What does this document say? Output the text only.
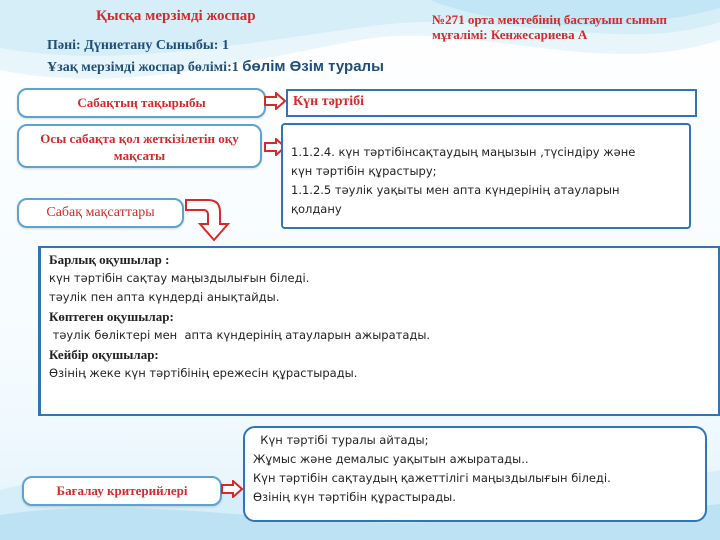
Қысқа мерзімді жоспар	№271 орта мектебінің бастауыш сынып мұғалімі: Кенжесариева А
Пәні: Дүниетану Сыныбы: 1
Ұзақ мерзімді жоспар бөлімі:1 бөлім Өзім туралы
Сабақтың тақырыбы	Күн тәртібі
Осы сабақта қол жеткізілетін оқу мақсаты	1.1.2.4. күн тәртібінсақтаудың маңызын ,түсіндіру және
күн тәртібін құрастыру;
1.1.2.5 тәулік уақыты мен апта күндерінің атауларын
қолдану
Сабақ мақсаттары
Барлық оқушылар :
күн тәртібін сақтау маңыздылығын біледі.
тәулік пен апта күндерді анықтайды.
Көптеген оқушылар:
тәулік бөліктері мен  апта күндерінің атауларын ажыратады.
Кейбір оқушылар:
Өзінің жеке күн тәртібінің ережесін құрастырады.
Бағалау критерийлері
Күн тәртібі туралы айтады;
Жұмыс және демалыс уақытын ажыратады..
Күн тәртібін сақтаудың қажеттілігі маңыздылығын біледі.
Өзінің күн тәртібін құрастырады.
